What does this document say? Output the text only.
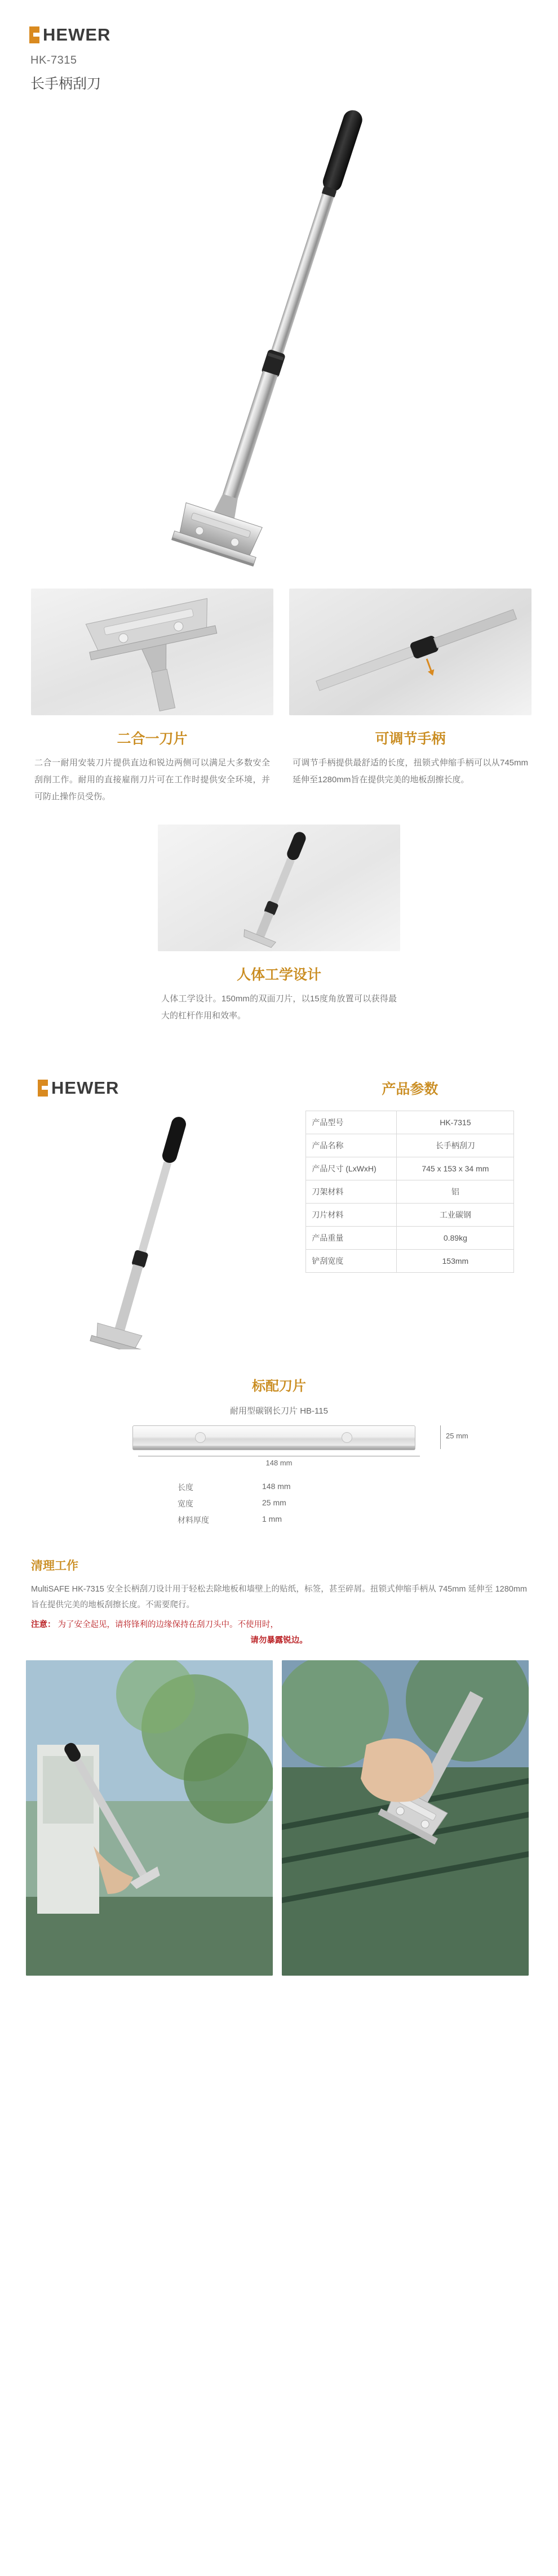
HEWER
HK-7315
长手柄刮刀
二合一刀片
二合一耐用安装刀片提供直边和锐边两侧可以满足大多数安全刮削工作。耐用的直接雇削刀片可在工作时提供安全环境，并可防止操作员受伤。
可调节手柄
可调节手柄提供最舒适的长度，扭锁式伸缩手柄可以从745mm延伸至1280mm旨在提供完美的地板刮擦长度。
人体工学设计
人体工学设计。150mm的双面刀片，以15度角放置可以获得最大的杠杆作用和效率。
HEWER	产品参数
产品型号	HK-7315
产品名称	长手柄刮刀
产品尺寸 (LxWxH)	745 x 153 x 34 mm
刀架材料	铝
刀片材料	工业碳钢
产品重量	0.89kg
铲刮宽度	153mm
标配刀片
耐用型碳钢长刀片 HB-115
25 mm
148 mm
长度	148 mm
宽度	25 mm
材料厚度	1 mm
清理工作
MultiSAFE HK-7315 安全长柄刮刀设计用于轻松去除地板和墙壁上的贴纸，标签，甚至碎屑。扭锁式伸缩手柄从 745mm 延伸至 1280mm 旨在提供完美的地板刮擦长度。不需要爬行。
注意： 为了安全起见，请将锋利的边缘保持在刮刀头中。不使用时，
请勿暴露锐边。
